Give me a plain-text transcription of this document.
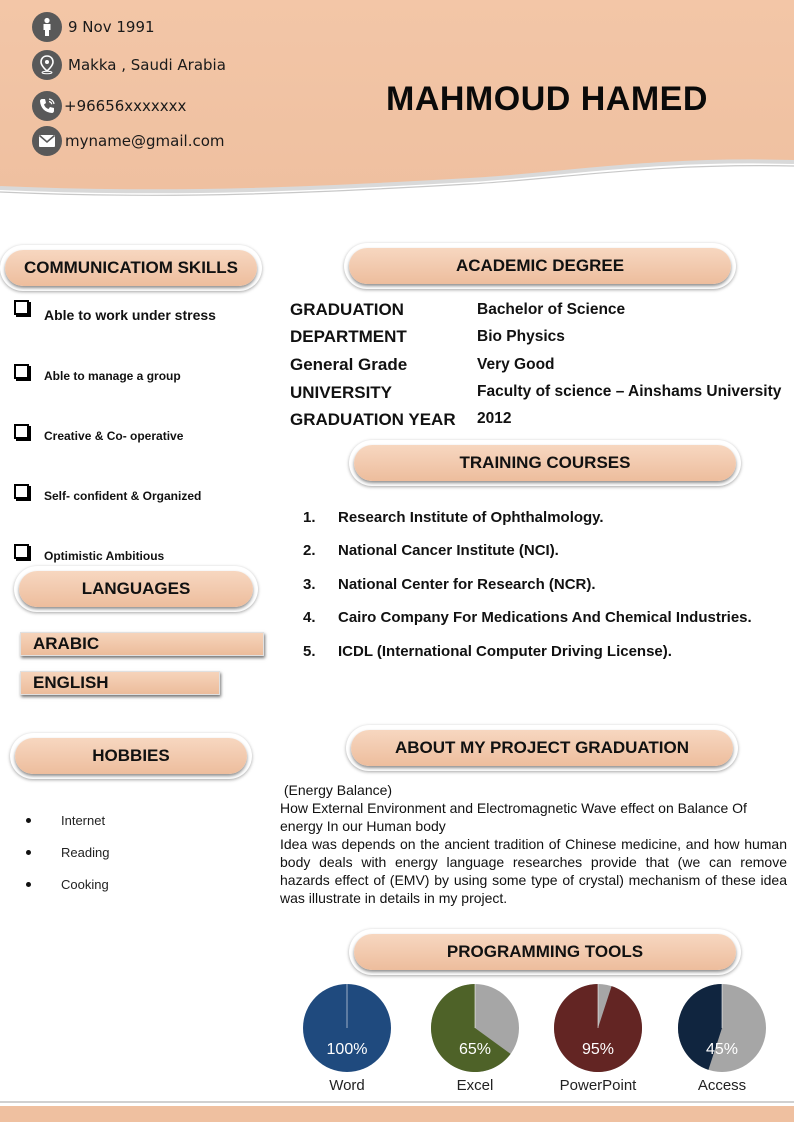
9 Nov 1991
Makka , Saudi Arabia
+96656xxxxxxx
myname@gmail.com
MAHMOUD HAMED
COMMUNICATIOM SKILLS
Able to work under stress
Able to manage a group
Creative & Co- operative
Self- confident & Organized
Optimistic Ambitious
LANGUAGES
ARABIC
ENGLISH
HOBBIES
Internet
Reading
Cooking
ACADEMIC DEGREE
GRADUATION	Bachelor of Science
DEPARTMENT	Bio Physics
General Grade	Very Good
UNIVERSITY	Faculty of science – Ainshams University
GRADUATION YEAR 2012
TRAINING COURSES
1.	Research Institute of Ophthalmology.
2.	National Cancer Institute (NCI).
3.	National Center for Research (NCR).
4.	Cairo Company For Medications And Chemical Industries.
5.	ICDL (International Computer Driving License).
ABOUT MY PROJECT GRADUATION

(Energy Balance)

How External Environment and Electromagnetic Wave effect on Balance Of energy In our Human body

Idea was depends on the ancient tradition of Chinese medicine, and how human body deals with energy language researches provide that (we can remove hazards effect of (EMV) by using some type of crystal) mechanism of these idea was illustrate in details in my project.

PROGRAMMING TOOLS
100%	65%	95%	45%
Word	Excel	PowerPoint	Access
